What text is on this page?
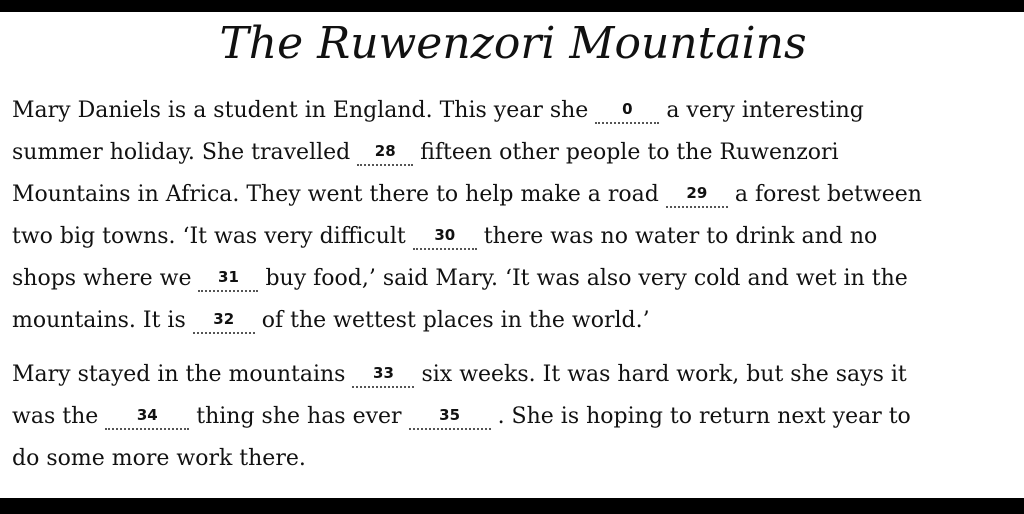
The Ruwenzori Mountains
Mary Daniels is a student in England. This year she 0 a very interesting
summer holiday. She travelled 28 fifteen other people to the Ruwenzori
Mountains in Africa. They went there to help make a road 29 a forest between
two big towns. ‘It was very difficult 30 there was no water to drink and no
shops where we 31 buy food,’ said Mary. ‘It was also very cold and wet in the
mountains. It is 32 of the wettest places in the world.’
Mary stayed in the mountains 33 six weeks. It was hard work, but she says it
was the 34 thing she has ever 35 . She is hoping to return next year to
do some more work there.
